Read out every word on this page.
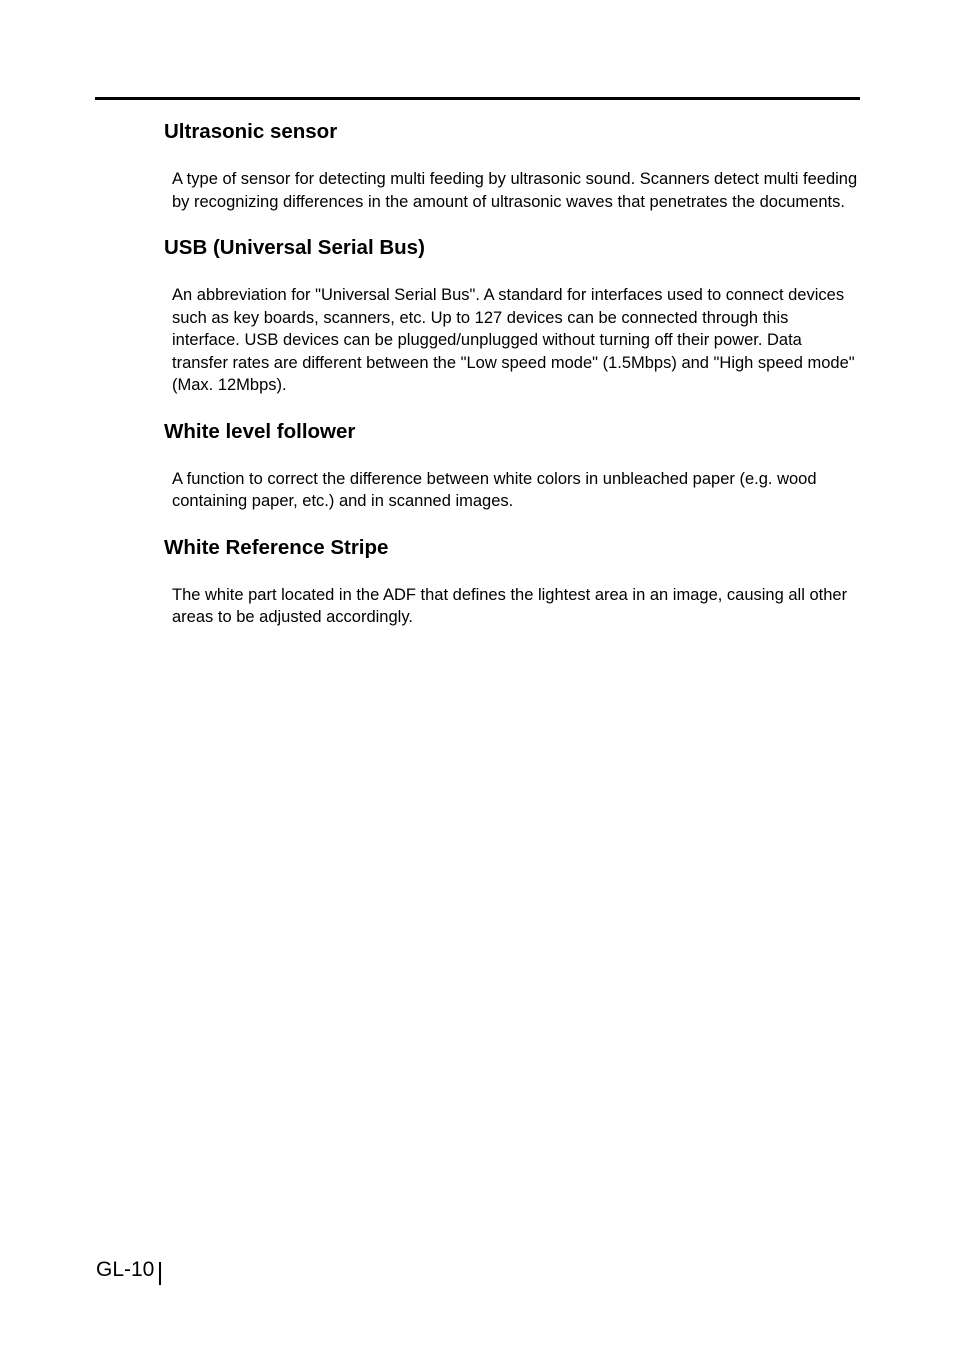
Ultrasonic sensor

A type of sensor for detecting multi feeding by ultrasonic sound. Scanners detect multi feeding by recognizing differences in the amount of ultrasonic waves that penetrates the documents.

USB (Universal Serial Bus)

An abbreviation for "Universal Serial Bus". A standard for interfaces used to connect devices such as key boards, scanners, etc. Up to 127 devices can be connected through this interface. USB devices can be plugged/unplugged without turning off their power. Data transfer rates are different between the "Low speed mode" (1.5Mbps) and "High speed mode" (Max. 12Mbps).

White level follower

A function to correct the difference between white colors in unbleached paper (e.g. wood containing paper, etc.) and in scanned images.

White Reference Stripe

The white part located in the ADF that defines the lightest area in an image, causing all other areas to be adjusted accordingly.

GL-10
